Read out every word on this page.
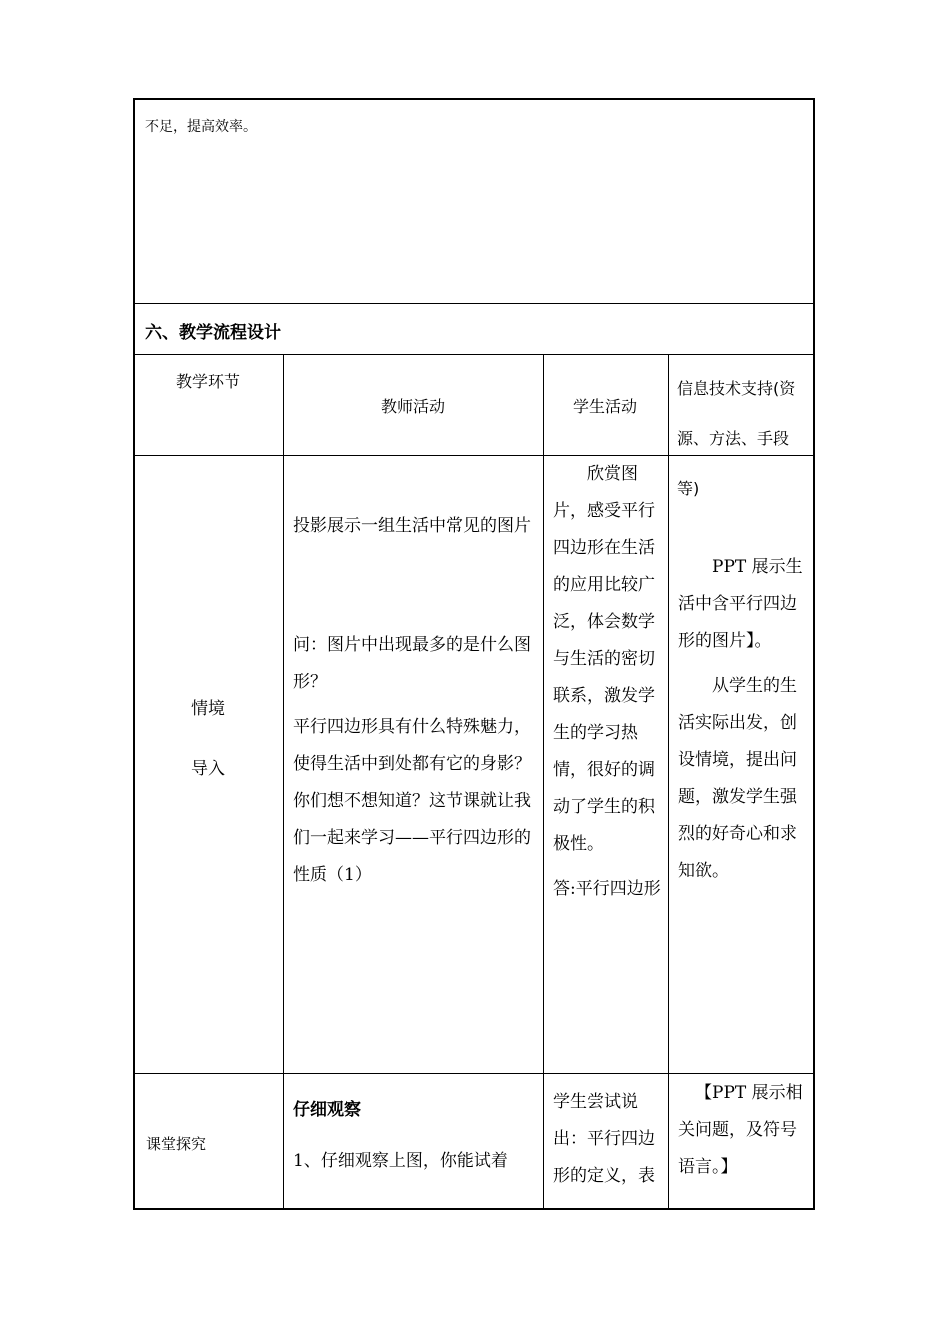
不足，提高效率。
六、教学流程设计
教学环节
教师活动	学生活动
信息技术支持(资源、方法、手段等)
情境
导入

投影展示一组生活中常见的图片

问：图片中出现最多的是什么图形？

平行四边形具有什么特殊魅力，使得生活中到处都有它的身影？你们想不想知道？这节课就让我们一起来学习——平行四边形的性质（1）

欣赏图片，感受平行四边形在生活的应用比较广泛，体会数学与生活的密切联系，激发学生的学习热情，很好的调动了学生的积极性。

答:平行四边形

PPT 展示生活中含平行四边形的图片】。

从学生的生活实际出发，创设情境，提出问题，激发学生强烈的好奇心和求知欲。

课堂探究

仔细观察

1、仔细观察上图，你能试着

学生尝试说出：平行四边形的定义，表

【PPT 展示相关问题，及符号语言。】
